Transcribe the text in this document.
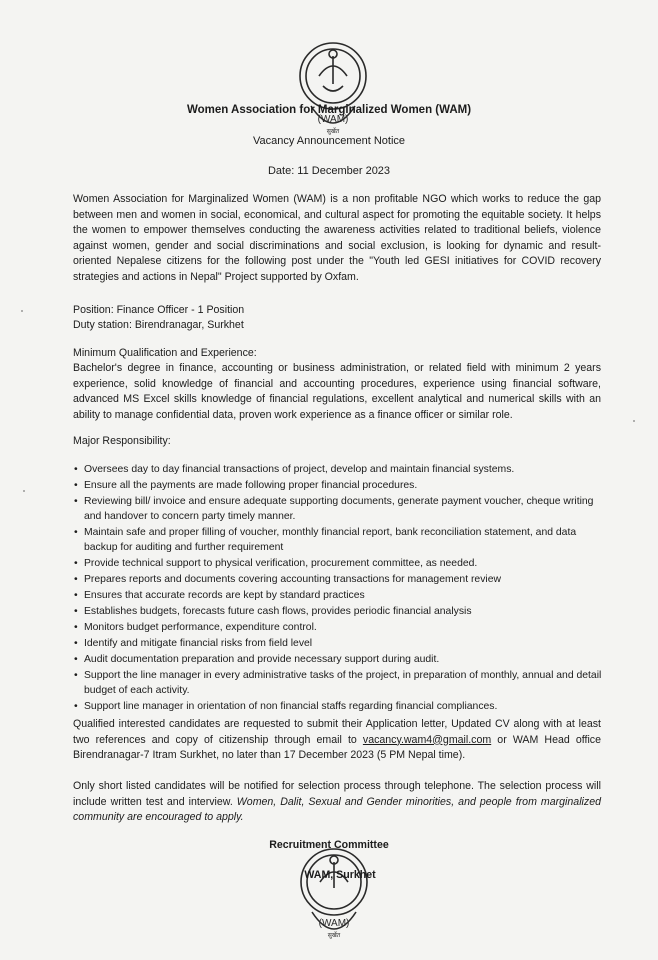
(WAM)
सुर्खेत
Women Association for Marginalized Women (WAM)
Vacancy Announcement Notice
Date: 11 December 2023
Women Association for Marginalized Women (WAM) is a non profitable NGO which works to reduce the gap between men and women in social, economical, and cultural aspect for promoting the equitable society. It helps the women to empower themselves conducting the awareness activities related to traditional beliefs, violence against women, gender and social discriminations and social exclusion, is looking for dynamic and result-oriented Nepalese citizens for the following post under the "Youth led GESI initiatives for COVID recovery strategies and actions in Nepal" Project supported by Oxfam.
Position: Finance Officer - 1 Position
Duty station: Birendranagar, Surkhet
Minimum Qualification and Experience:
Bachelor's degree in finance, accounting or business administration, or related field with minimum 2 years experience, solid knowledge of financial and accounting procedures, experience using financial software, advanced MS Excel skills knowledge of financial regulations, excellent analytical and numerical skills with an ability to manage confidential data, proven work experience as a finance officer or similar role.
Major Responsibility:
• Oversees day to day financial transactions of project, develop and maintain financial systems.
• Ensure all the payments are made following proper financial procedures.
• Reviewing bill/ invoice and ensure adequate supporting documents, generate payment voucher, cheque writing and handover to concern party timely manner.
• Maintain safe and proper filling of voucher, monthly financial report, bank reconciliation statement, and data backup for auditing and further requirement
• Provide technical support to physical verification, procurement committee, as needed.
• Prepares reports and documents covering accounting transactions for management review
• Ensures that accurate records are kept by standard practices
• Establishes budgets, forecasts future cash flows, provides periodic financial analysis
• Monitors budget performance, expenditure control.
• Identify and mitigate financial risks from field level
• Audit documentation preparation and provide necessary support during audit.
• Support the line manager in every administrative tasks of the project, in preparation of monthly, annual and detail budget of each activity.
• Support line manager in orientation of non financial staffs regarding financial compliances.
Qualified interested candidates are requested to submit their Application letter, Updated CV along with at least two references and copy of citizenship through email to vacancy.wam4@gmail.com or WAM Head office Birendranagar-7 Itram Surkhet, no later than 17 December 2023 (5 PM Nepal time).
Only short listed candidates will be notified for selection process through telephone. The selection process will include written test and interview. Women, Dalit, Sexual and Gender minorities, and people from marginalized community are encouraged to apply.
(WAM)
सुर्खेत
Recruitment Committee
WAM, Surkhet
